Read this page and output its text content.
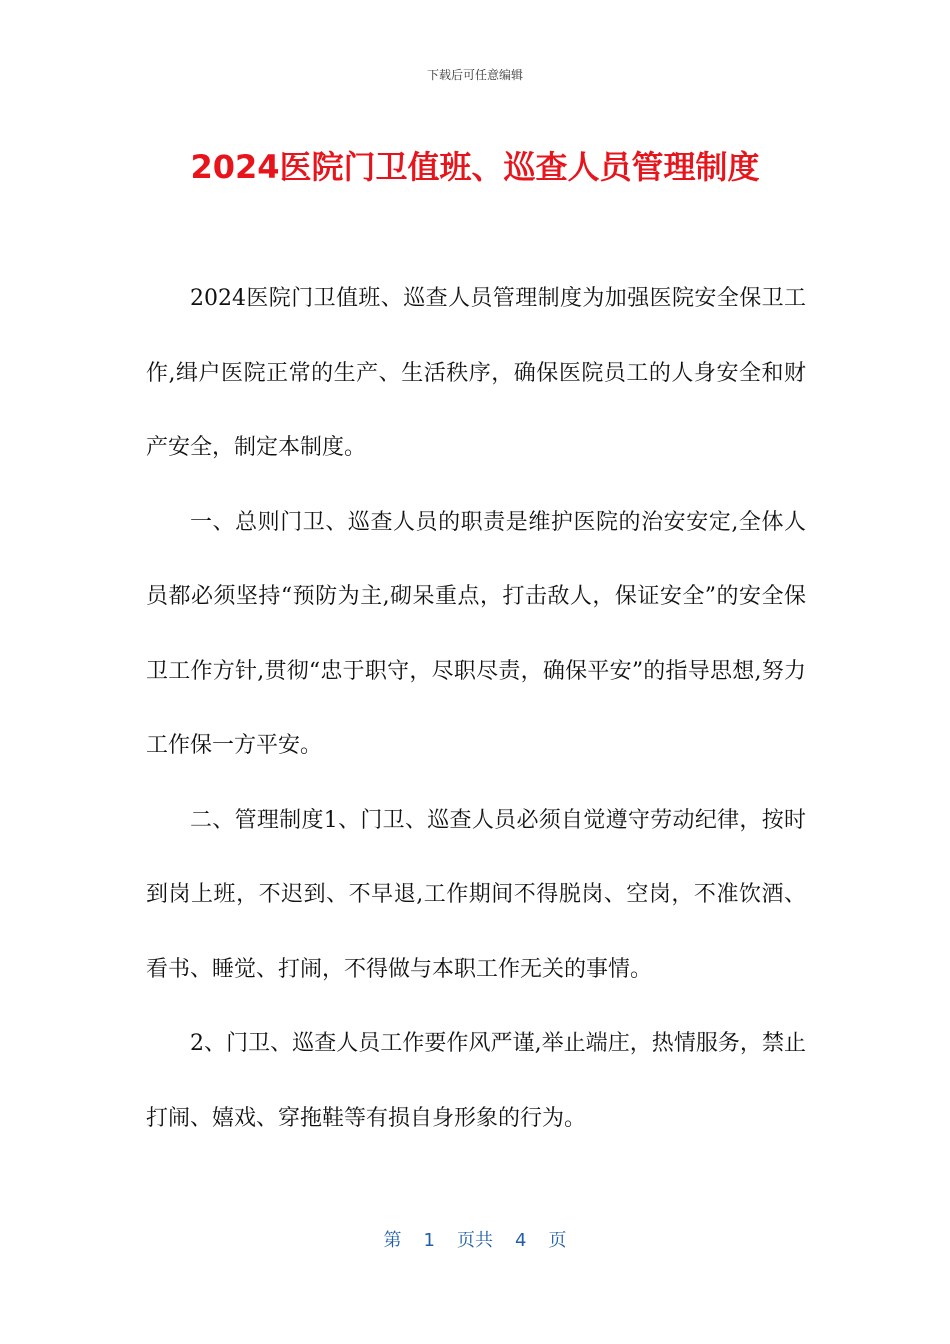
下载后可任意编辑
2024医院门卫值班、巡查人员管理制度

2024医院门卫值班、巡查人员管理制度为加强医院安全保卫工作,缉户医院正常的生产、生活秩序，确保医院员工的人身安全和财产安全，制定本制度。

一、总则门卫、巡查人员的职责是维护医院的治安安定,全体人员都必须坚持“预防为主,砌呆重点，打击敌人，保证安全”的安全保卫工作方针,贯彻“忠于职守，尽职尽责，确保平安”的指导思想,努力工作保一方平安。

二、管理制度1、门卫、巡查人员必须自觉遵守劳动纪律，按时到岗上班，不迟到、不早退,工作期间不得脱岗、空岗，不准饮酒、看书、睡觉、打闹，不得做与本职工作无关的事情。

2、门卫、巡查人员工作要作风严谨,举止端庄，热情服务，禁止打闹、嬉戏、穿拖鞋等有损自身形象的行为。

第 1 页共 4 页
